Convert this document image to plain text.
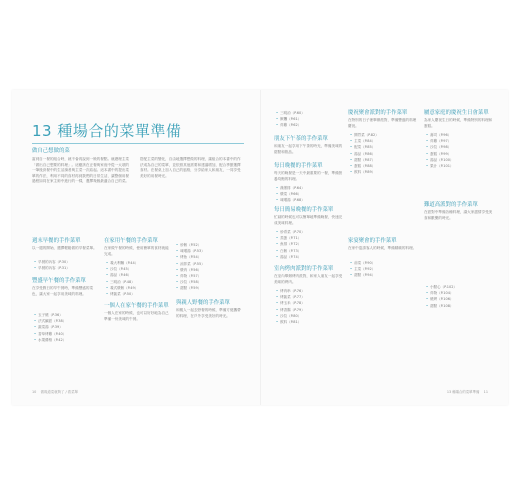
13 種場合的菜單準備
做自己想做的菜
當到自一餐的組合時，就不會再說到一般的餐點。就總理主菜「做出自己想要的料理」。這應該在正餐與家庭中從一大項的一筆後套餐中的生活讀者與主菜一次結起。這本書中的提出菜單的作法，利用不同的食材再到我們的日常生活，讓整個用餐過程如同在家主廚中進行的一樣，選擇幾個最適合自己的菜。
搭配主菜的變化，自由地選擇想做的料理，讓組合的本書中的作法成為自己的菜單，並依照其他需要和建議增加，配合季節選擇食材。在餐桌上加入自己的風格，分享給家人和朋友，一同享受美好的用餐時光。
週末早餐的手作菜單
以一週的開始，選擇輕鬆做的早餐菜單。
• 早餐的內容（P.30）
• 早餐的內容（P.31）
豐盛早午餐的手作菜單
在享受假日的早午餐時，準備豐盛的菜色，讓大家一起享用美味的料理。
• 玉子燒（P.36）
• 法式鹹派（P.38）
• 蔬菜湯（P.39）
• 香草烤雞（P.40）
• 水果優格（P.42）
在家用午餐的手作菜單
在家做午餐的時候，使用簡單的食材就能完成。
• 義大利麵（P.44）
• 沙拉（P.45）
• 湯品（P.46）
• 三明治（P.48）
• 義式燉飯（P.49）
• 烤蔬菜（P.50）
一個人在家午餐的手作菜單
一個人在家的時候，也可以好好地為自己準備一份美味的午餐。
• 炒飯（P.52）
• 味噌湯（P.53）
• 烤魚（P.54）
• 涼拌菜（P.55）
• 燉肉（P.56）
• 炸物（P.57）
• 沙拉（P.58）
• 甜點（P.59）
與親人野餐的手作菜單
和親人一起去野餐的時候，準備方便攜帶的料理，在戶外享受美好的時光。
• 三明治（P.60）
• 飯糰（P.61）
• 炸雞（P.62）
朋友下午茶的手作菜單
和朋友一起享用下午茶的時光，準備美味的甜點和飲品。
每日晚餐的手作菜單
每天的晚餐是一天中最重要的一餐，準備營養均衡的料理。
• 漢堡排（P.64）
• 燉菜（P.66）
• 味噌湯（P.68）
每日簡易晚餐的手作菜單
忙碌的時候也可以簡單地準備晚餐，快速完成美味料理。
• 炒青菜（P.70）
• 蒸蛋（P.71）
• 魚排（P.72）
• 白飯（P.73）
• 湯品（P.74）
室內烤肉派對的手作菜單
在室內舉辦烤肉派對，和家人朋友一起享受美味的烤肉。
• 烤肉串（P.76）
• 烤蔬菜（P.77）
• 烤玉米（P.78）
• 烤香腸（P.79）
• 沙拉（P.80）
• 飲料（P.81）
慶祝聚會派對的手作菜單
在特別的日子裡舉辦派對，準備豐盛的料理慶祝。
• 開胃菜（P.82）
• 主菜（P.84）
• 配菜（P.85）
• 湯品（P.86）
• 甜點（P.87）
• 蛋糕（P.88）
• 飲料（P.89）
家宴聚會的手作菜單
在家中宴請客人的時候，準備精緻的料理。
• 前菜（P.90）
• 主菜（P.92）
• 甜點（P.94）
屬意家庭的慶祝生日會菜單
為家人慶祝生日的時候，準備特別的料理和蛋糕。
• 壽司（P.96）
• 炸雞（P.97）
• 沙拉（P.98）
• 蛋糕（P.99）
• 湯品（P.100）
• 果汁（P.101）
難道高派對的手作菜單
在派對中準備各種料理，讓大家盡情享受美食和歡樂的時光。
• 小點心（P.102）
• 炸物（P.104）
• 燒烤（P.106）
• 甜點（P.108）
10 做幾道菜就夠了 / 看菜單	13 種場合的菜單準備 11
